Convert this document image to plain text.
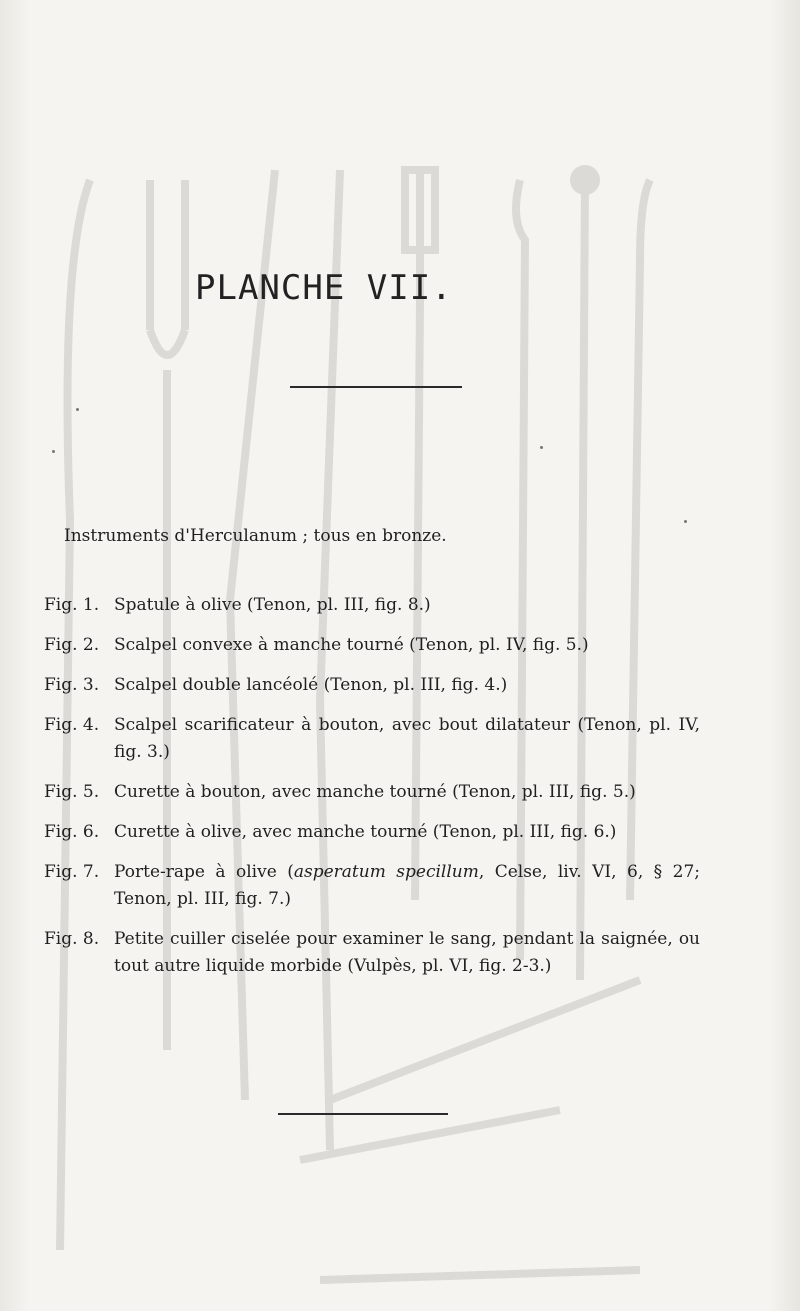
PLANCHE VII.
Instruments d'Herculanum ; tous en bronze.
Fig. 1. Spatule à olive (Tenon, pl. III, fig. 8.)
Fig. 2. Scalpel convexe à manche tourné (Tenon, pl. IV, fig. 5.)
Fig. 3. Scalpel double lancéolé (Tenon, pl. III, fig. 4.)
Fig. 4. Scalpel scarificateur à bouton, avec bout dilatateur (Tenon, pl. IV, fig. 3.)
Fig. 5. Curette à bouton, avec manche tourné (Tenon, pl. III, fig. 5.)
Fig. 6. Curette à olive, avec manche tourné (Tenon, pl. III, fig. 6.)
Fig. 7. Porte-rape à olive (asperatum specillum, Celse, liv. VI, 6, § 27; Tenon, pl. III, fig. 7.)
Fig. 8. Petite cuiller ciselée pour examiner le sang, pendant la saignée, ou tout autre liquide morbide (Vulpès, pl. VI, fig. 2-3.)
